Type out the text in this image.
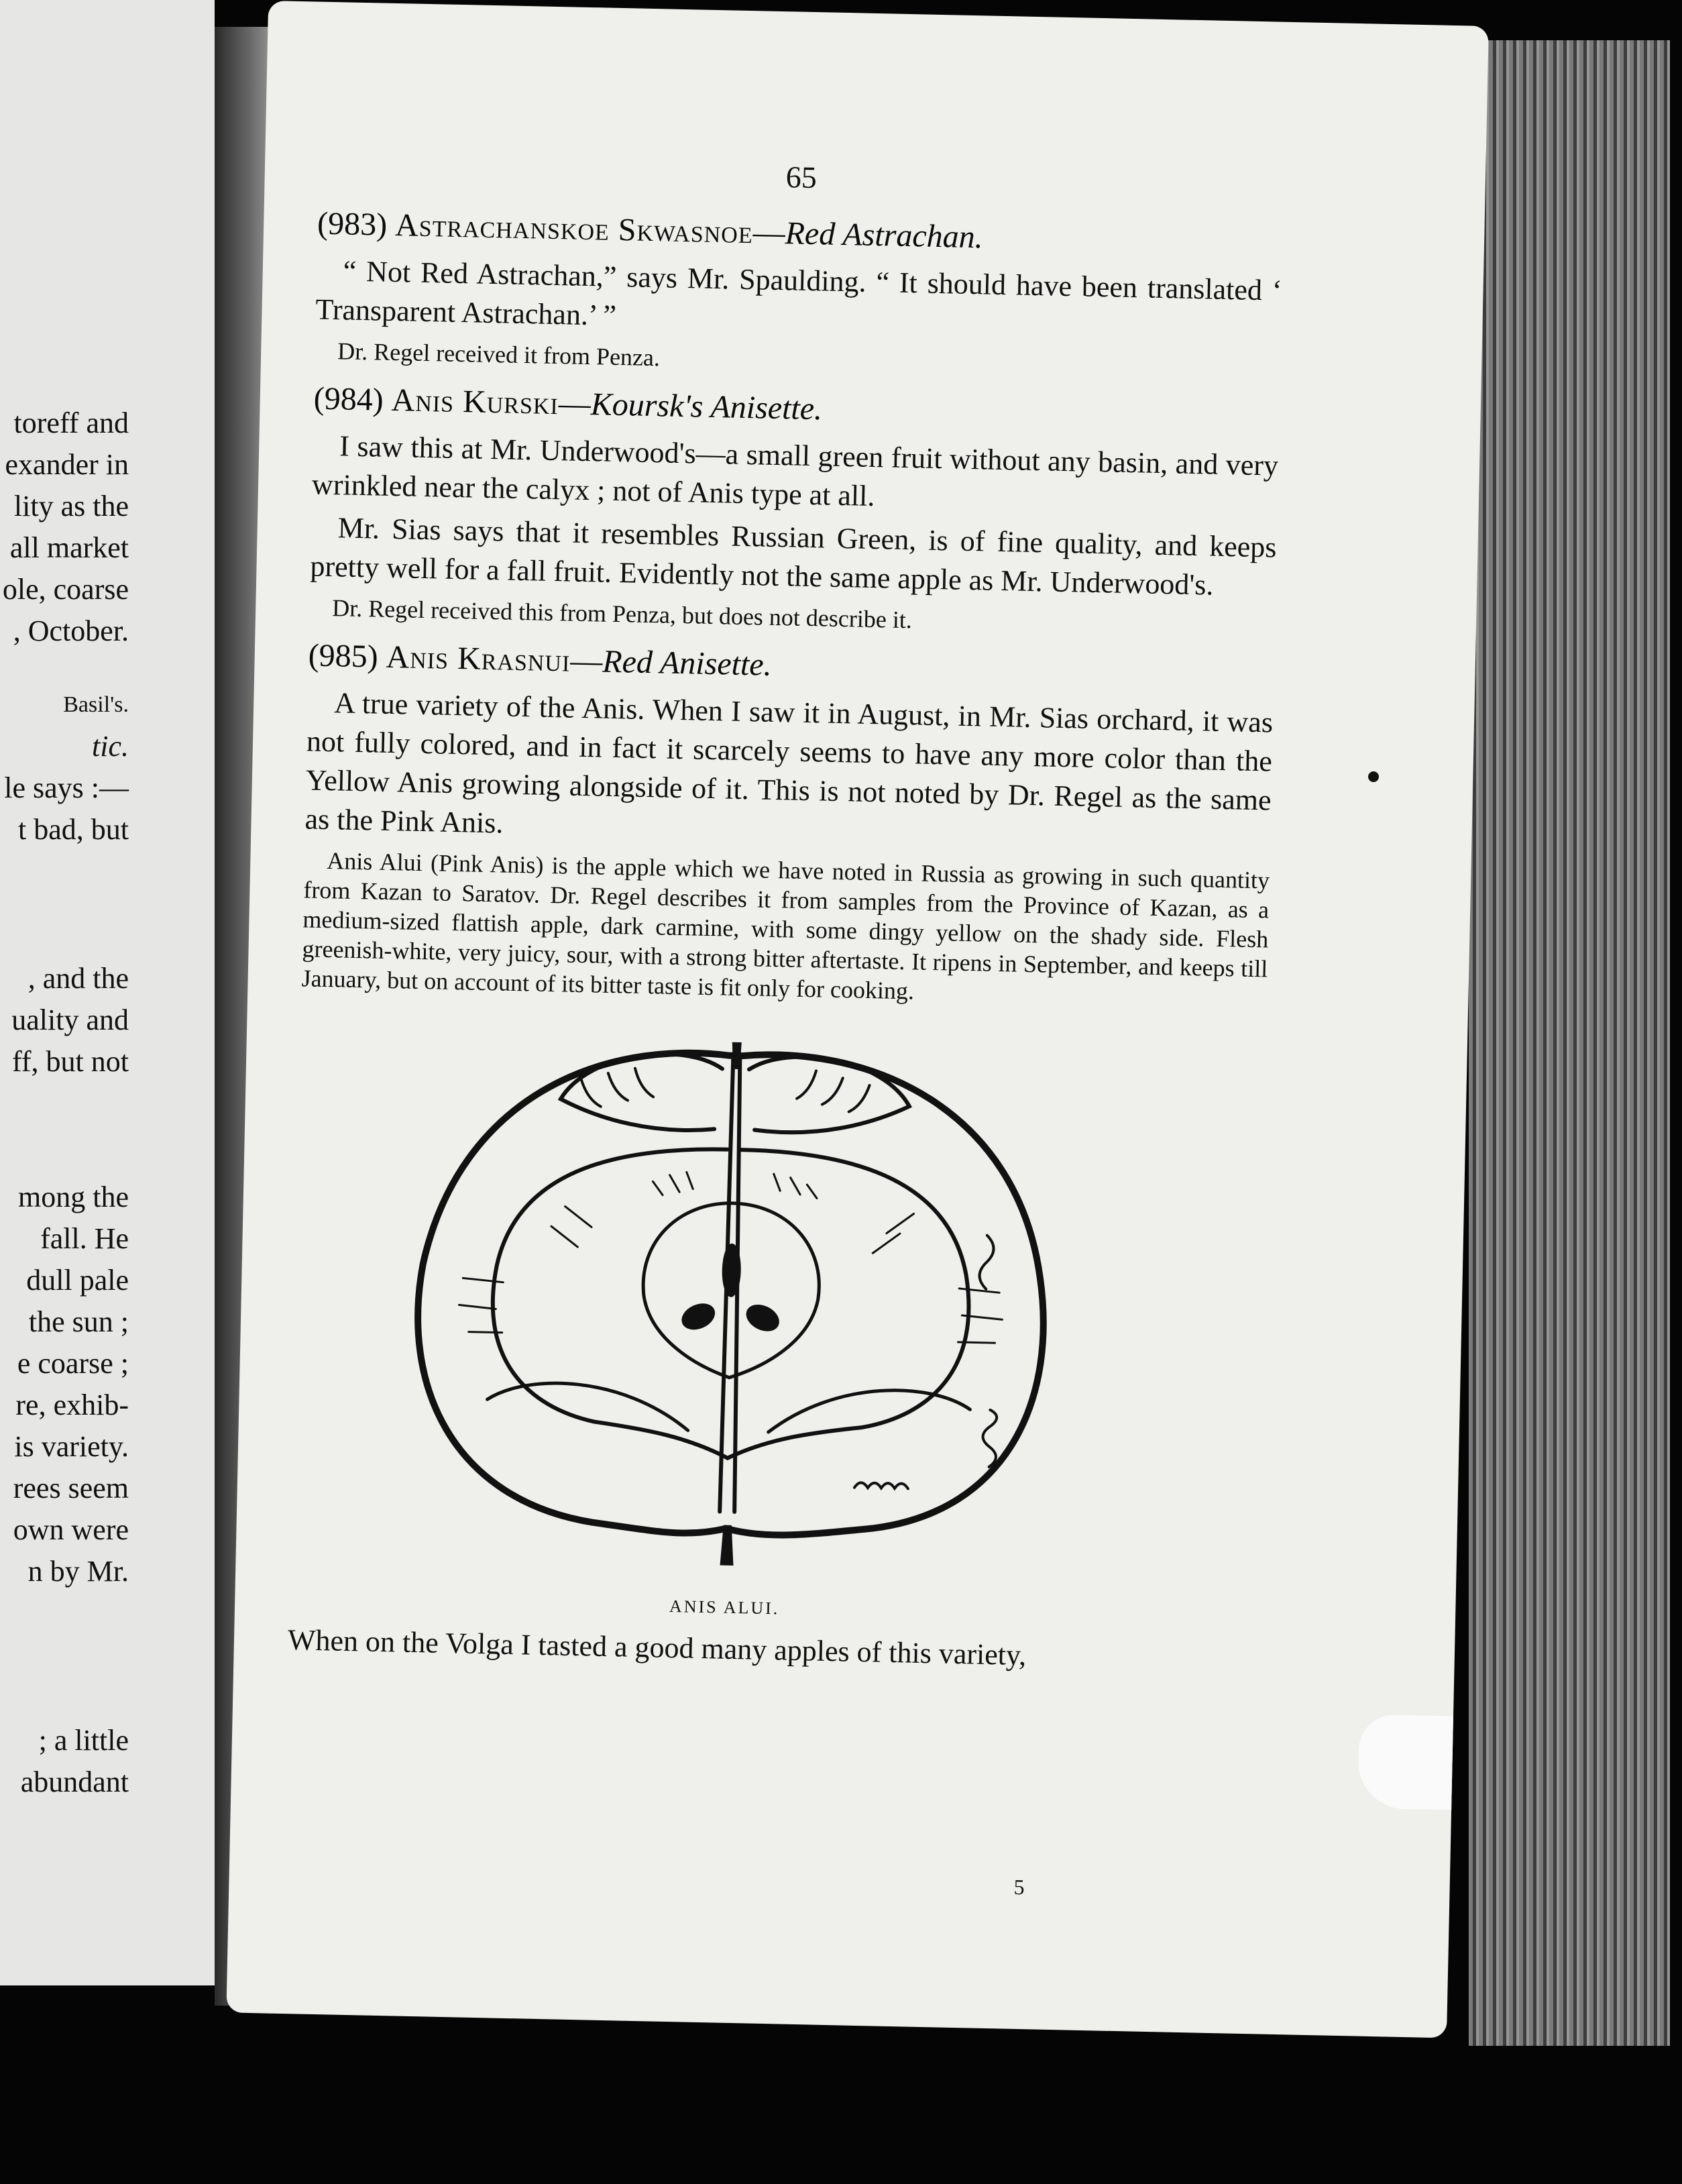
toreff and
exander in
lity as the
all market
ole, coarse
, October.
Basil's.
tic.
le says :—
t bad, but
, and the
uality and
ff, but not
mong the
fall. He
dull pale
the sun ;
e coarse ;
re, exhib-
is variety.
rees seem
own were
n by Mr.
; a little
abundant
65
(983) Astrachanskoe Skwasnoe—Red Astrachan.

“ Not Red Astrachan,” says Mr. Spaulding. “ It should have been translated ‘ Transparent Astrachan.’ ”

Dr. Regel received it from Penza.

(984) Anis Kurski—Koursk's Anisette.

I saw this at Mr. Underwood's—a small green fruit without any basin, and very wrinkled near the calyx ; not of Anis type at all.

Mr. Sias says that it resembles Russian Green, is of fine quality, and keeps pretty well for a fall fruit. Evidently not the same apple as Mr. Underwood's.

Dr. Regel received this from Penza, but does not describe it.

(985) Anis Krasnui—Red Anisette.

A true variety of the Anis. When I saw it in August, in Mr. Sias orchard, it was not fully colored, and in fact it scarcely seems to have any more color than the Yellow Anis growing alongside of it. This is not noted by Dr. Regel as the same as the Pink Anis.

Anis Alui (Pink Anis) is the apple which we have noted in Russia as growing in such quantity from Kazan to Saratov. Dr. Regel describes it from samples from the Province of Kazan, as a medium-sized flattish apple, dark carmine, with some dingy yellow on the shady side. Flesh greenish-white, very juicy, sour, with a strong bitter aftertaste. It ripens in September, and keeps till January, but on account of its bitter taste is fit only for cooking.

ANIS ALUI.
When on the Volga I tasted a good many apples of this variety,
5
